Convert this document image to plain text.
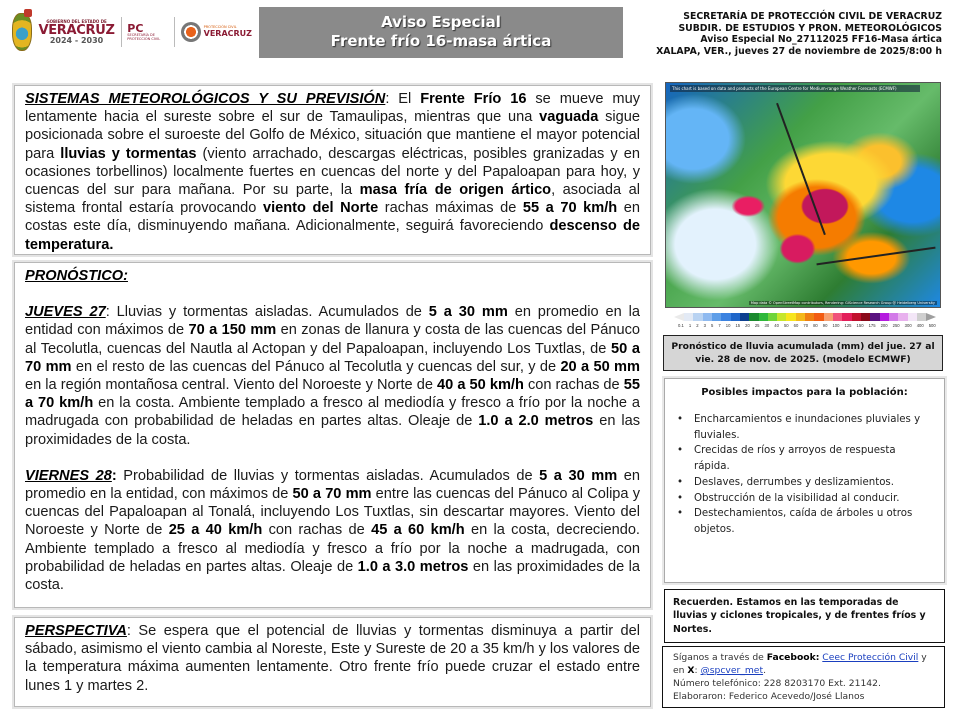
GOBIERNO DEL ESTADO DE
VERACRUZ
2024 - 2030
PC
SECRETARÍA DE PROTECCIÓN CIVIL
PROTECCIÓN CIVIL
VERACRUZ
Aviso Especial
Frente frío 16-masa ártica
SECRETARÍA DE PROTECCIÓN CIVIL DE VERACRUZ
SUBDIR. DE ESTUDIOS Y PRON. METEOROLÓGICOS
Aviso Especial No_27112025 FF16-Masa ártica
XALAPA, VER., jueves 27 de noviembre de 2025/8:00 h
SISTEMAS METEOROLÓGICOS Y SU PREVISIÓN: El Frente Frío 16 se mueve muy lentamente hacia el sureste sobre el sur de Tamaulipas, mientras que una vaguada sigue posicionada sobre el suroeste del Golfo de México, situación que mantiene el mayor potencial para lluvias y tormentas (viento arrachado, descargas eléctricas, posibles granizadas y en ocasiones torbellinos) localmente fuertes en cuencas del norte y del Papaloapan para hoy, y cuencas del sur para mañana. Por su parte, la masa fría de origen ártico, asociada al sistema frontal estaría provocando viento del Norte rachas máximas de 55 a 70 km/h en costas este día, disminuyendo mañana. Adicionalmente, seguirá favoreciendo descenso de temperatura.
PRONÓSTICO:
JUEVES 27: Lluvias y tormentas aisladas. Acumulados de 5 a 30 mm en promedio en la entidad con máximos de 70 a 150 mm en zonas de llanura y costa de las cuencas del Pánuco al Tecolutla, cuencas del Nautla al Actopan y del Papaloapan, incluyendo Los Tuxtlas, de 50 a 70 mm en el resto de las cuencas del Pánuco al Tecolutla y cuencas del sur, y de 20 a 50 mm en la región montañosa central. Viento del Noroeste y Norte de 40 a 50 km/h con rachas de 55 a 70 km/h en la costa. Ambiente templado a fresco al mediodía y fresco a frío por la noche a madrugada con probabilidad de heladas en partes altas. Oleaje de 1.0 a 2.0 metros en las proximidades de la costa.
VIERNES 28: Probabilidad de lluvias y tormentas aisladas. Acumulados de 5 a 30 mm en promedio en la entidad, con máximos de 50 a 70 mm entre las cuencas del Pánuco al Colipa y cuencas del Papaloapan al Tonalá, incluyendo Los Tuxtlas, sin descartar mayores. Viento del Noroeste y Norte de 25 a 40 km/h con rachas de 45 a 60 km/h en la costa, decreciendo. Ambiente templado a fresco al mediodía y fresco a frío por la noche a madrugada, con probabilidad de heladas en partes altas. Oleaje de 1.0 a 3.0 metros en las proximidades de la costa.
PERSPECTIVA: Se espera que el potencial de lluvias y tormentas disminuya a partir del sábado, asimismo el viento cambia al Noreste, Este y Sureste de 20 a 35 km/h y los valores de la temperatura máxima aumenten lentamente. Otro frente frío puede cruzar el estado entre lunes 1 y martes 2.
This chart is based on data and products of the European Centre for Medium-range Weather Forecasts (ECMWF)
Map data © OpenStreetMap contributors, Rendering: GIScience Research Group @ Heidelberg University
0.1 1 2 3 5 7 10 15 20 25 30 40 50 60 70 80 90 100 125 150 175 200 250 300 400 500
Pronóstico de lluvia acumulada (mm) del jue. 27 al vie. 28 de nov. de 2025. (modelo ECMWF)
Posibles impactos para la población:
• Encharcamientos e inundaciones pluviales y fluviales.
• Crecidas de ríos y arroyos de respuesta rápida.
• Deslaves, derrumbes y deslizamientos.
• Obstrucción de la visibilidad al conducir.
• Destechamientos, caída de árboles u otros objetos.
Recuerden. Estamos en las temporadas de lluvias y ciclones tropicales, y de frentes fríos y Nortes.
Síganos a través de Facebook: Ceec Protección Civil y en X: @spcver_met.
Número telefónico: 228 8203170 Ext. 21142.
Elaboraron: Federico Acevedo/José Llanos
